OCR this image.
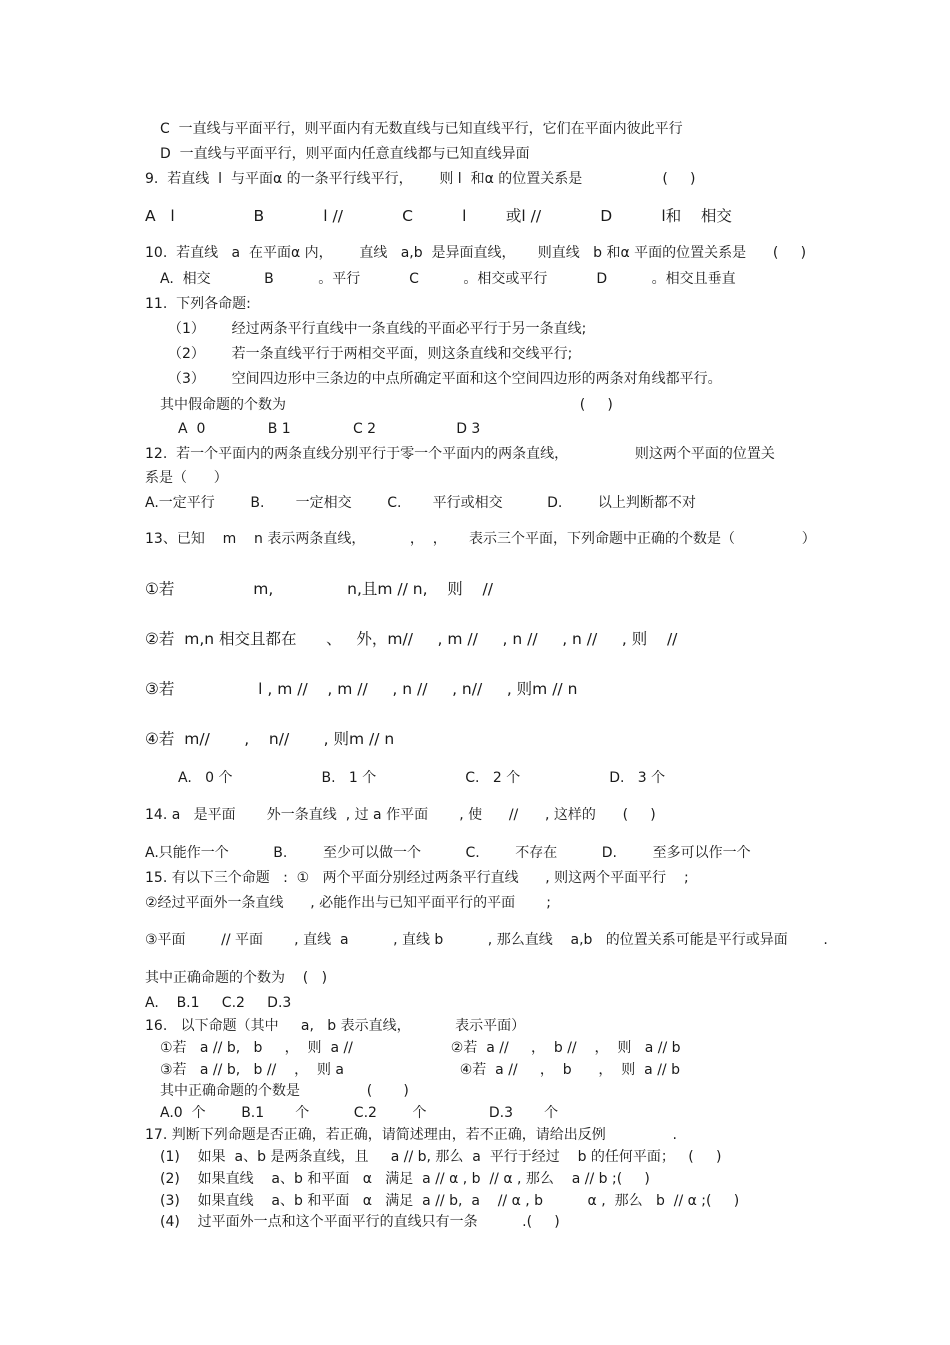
C  一直线与平面平行，则平面内有无数直线与已知直线平行，它们在平面内彼此平行
D  一直线与平面平行，则平面内任意直线都与已知直线异面
9.  若直线  l  与平面α 的一条平行线平行，      则 l  和α 的位置关系是                  (     )
A   l                B            l //            C          l        或l //            D          l和    相交
10.  若直线   a  在平面α 内，      直线   a,b  是异面直线，     则直线   b 和α 平面的位置关系是      (     )
A.  相交            B          。平行           C          。相交或平行           D          。相交且垂直
11.  下列各命题:
（1）      经过两条平行直线中一条直线的平面必平行于另一条直线;
（2）      若一条直线平行于两相交平面，则这条直线和交线平行;
（3）      空间四边形中三条边的中点所确定平面和这个空间四边形的两条对角线都平行。
其中假命题的个数为                                                                  (     )
A  0              B 1              C 2                  D 3
12.  若一个平面内的两条直线分别平行于零一个平面内的两条直线，               则这两个平面的位置关
系是（      ）
A.一定平行        B.       一定相交        C.       平行或相交          D.        以上判断都不对
13、已知    m    n 表示两条直线，          ，  ，     表示三个平面，下列命题中正确的个数是（               ）
①若                m,               n,且m // n,    则    //
②若  m,n 相交且都在      、   外，m//     , m //     , n //     , n //     , 则    //
③若                 l , m //    , m //     , n //     , n//     , 则m // n
④若  m//       ,    n//       , 则m // n
A.   0 个                    B.   1 个                    C.   2 个                    D.   3 个
14. a   是平面       外一条直线  , 过 a 作平面       , 使      //      , 这样的      (     )
A.只能作一个          B.        至少可以做一个          C.        不存在          D.        至多可以作一个
15. 有以下三个命题   :  ①   两个平面分别经过两条平行直线      , 则这两个平面平行    ;
②经过平面外一条直线      , 必能作出与已知平面平行的平面       ;
③平面        // 平面       , 直线  a          , 直线 b          , 那么直线    a,b   的位置关系可能是平行或异面        .
其中正确命题的个数为    (   )
A.    B.1     C.2     D.3
16.   以下命题（其中     a,   b 表示直线，          表示平面）
①若   a // b,   b     ，  则  a //                      ②若  a //     ，  b //    ，  则   a // b
③若   a // b,   b //    ，  则 a                          ④若  a //     ，  b      ，  则  a // b
其中正确命题的个数是               (       )
A.0  个        B.1       个          C.2        个              D.3       个
17. 判断下列命题是否正确，若正确，请简述理由，若不正确，请给出反例               .
(1)    如果  a、b 是两条直线，且     a // b, 那么  a  平行于经过    b 的任何平面；   (     )
(2)    如果直线    a、b 和平面   α   满足  a // α , b  // α , 那么    a // b ;(     )
(3)    如果直线    a、b 和平面   α   满足  a // b,  a    // α , b          α ,  那么   b  // α ;(     )
(4)    过平面外一点和这个平面平行的直线只有一条          .(     )
